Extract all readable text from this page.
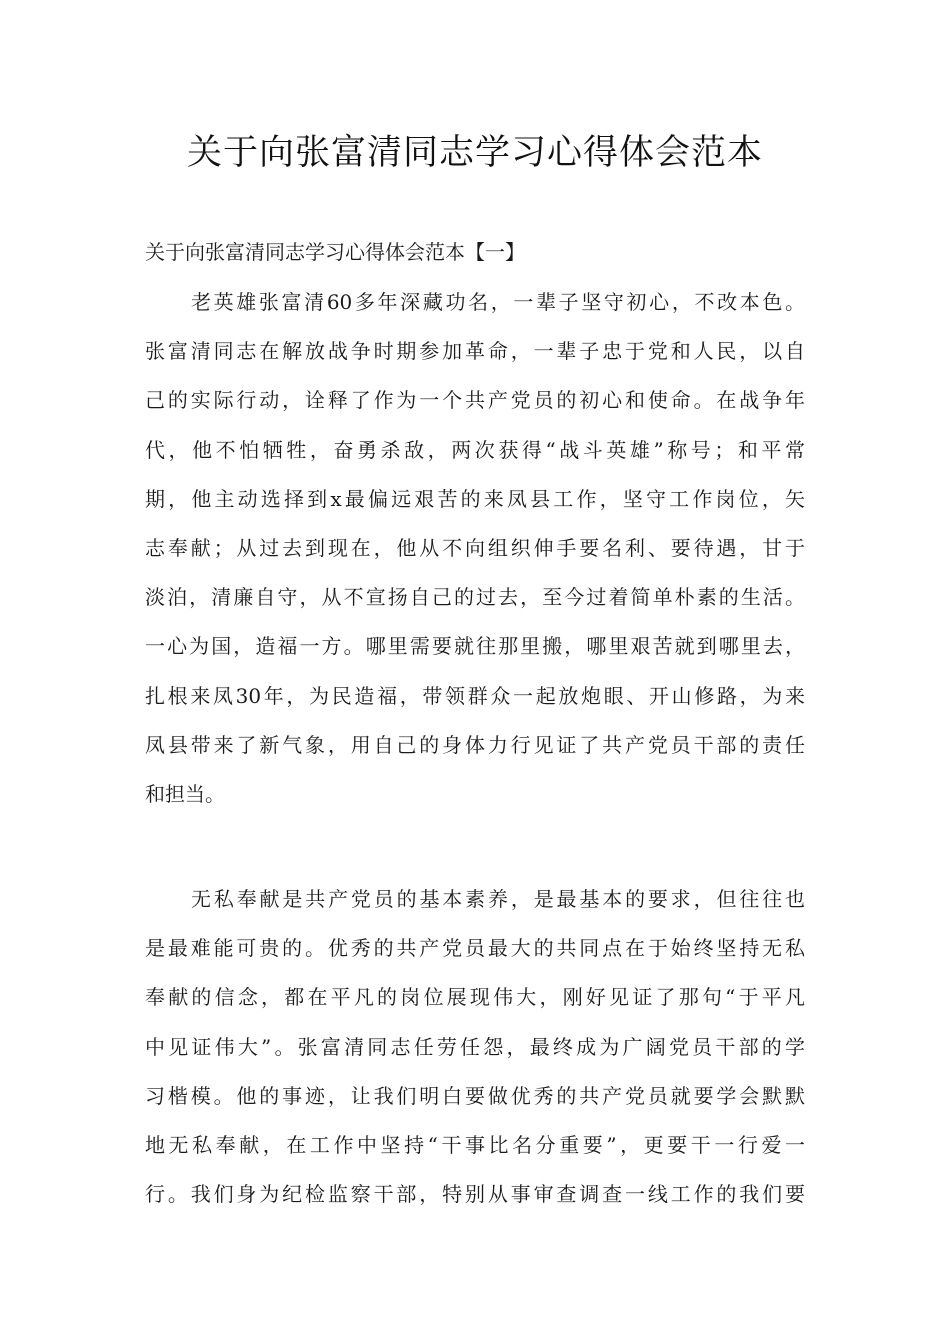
关于向张富清同志学习心得体会范本
关于向张富清同志学习心得体会范本【一】
老英雄张富清60多年深藏功名，一辈子坚守初心，不改本色。
张富清同志在解放战争时期参加革命，一辈子忠于党和人民，以自
己的实际行动，诠释了作为一个共产党员的初心和使命。在战争年
代，他不怕牺牲，奋勇杀敌，两次获得“战斗英雄”称号；和平常
期，他主动选择到x最偏远艰苦的来凤县工作，坚守工作岗位，矢
志奉献；从过去到现在，他从不向组织伸手要名利、要待遇，甘于
淡泊，清廉自守，从不宣扬自己的过去，至今过着简单朴素的生活。
一心为国，造福一方。哪里需要就往那里搬，哪里艰苦就到哪里去，
扎根来凤30年，为民造福，带领群众一起放炮眼、开山修路，为来
凤县带来了新气象，用自己的身体力行见证了共产党员干部的责任
和担当。
无私奉献是共产党员的基本素养，是最基本的要求，但往往也
是最难能可贵的。优秀的共产党员最大的共同点在于始终坚持无私
奉献的信念，都在平凡的岗位展现伟大，刚好见证了那句“于平凡
中见证伟大”。张富清同志任劳任怨，最终成为广阔党员干部的学
习楷模。他的事迹，让我们明白要做优秀的共产党员就要学会默默
地无私奉献，在工作中坚持“干事比名分重要”，更要干一行爱一
行。我们身为纪检监察干部，特别从事审查调查一线工作的我们要
